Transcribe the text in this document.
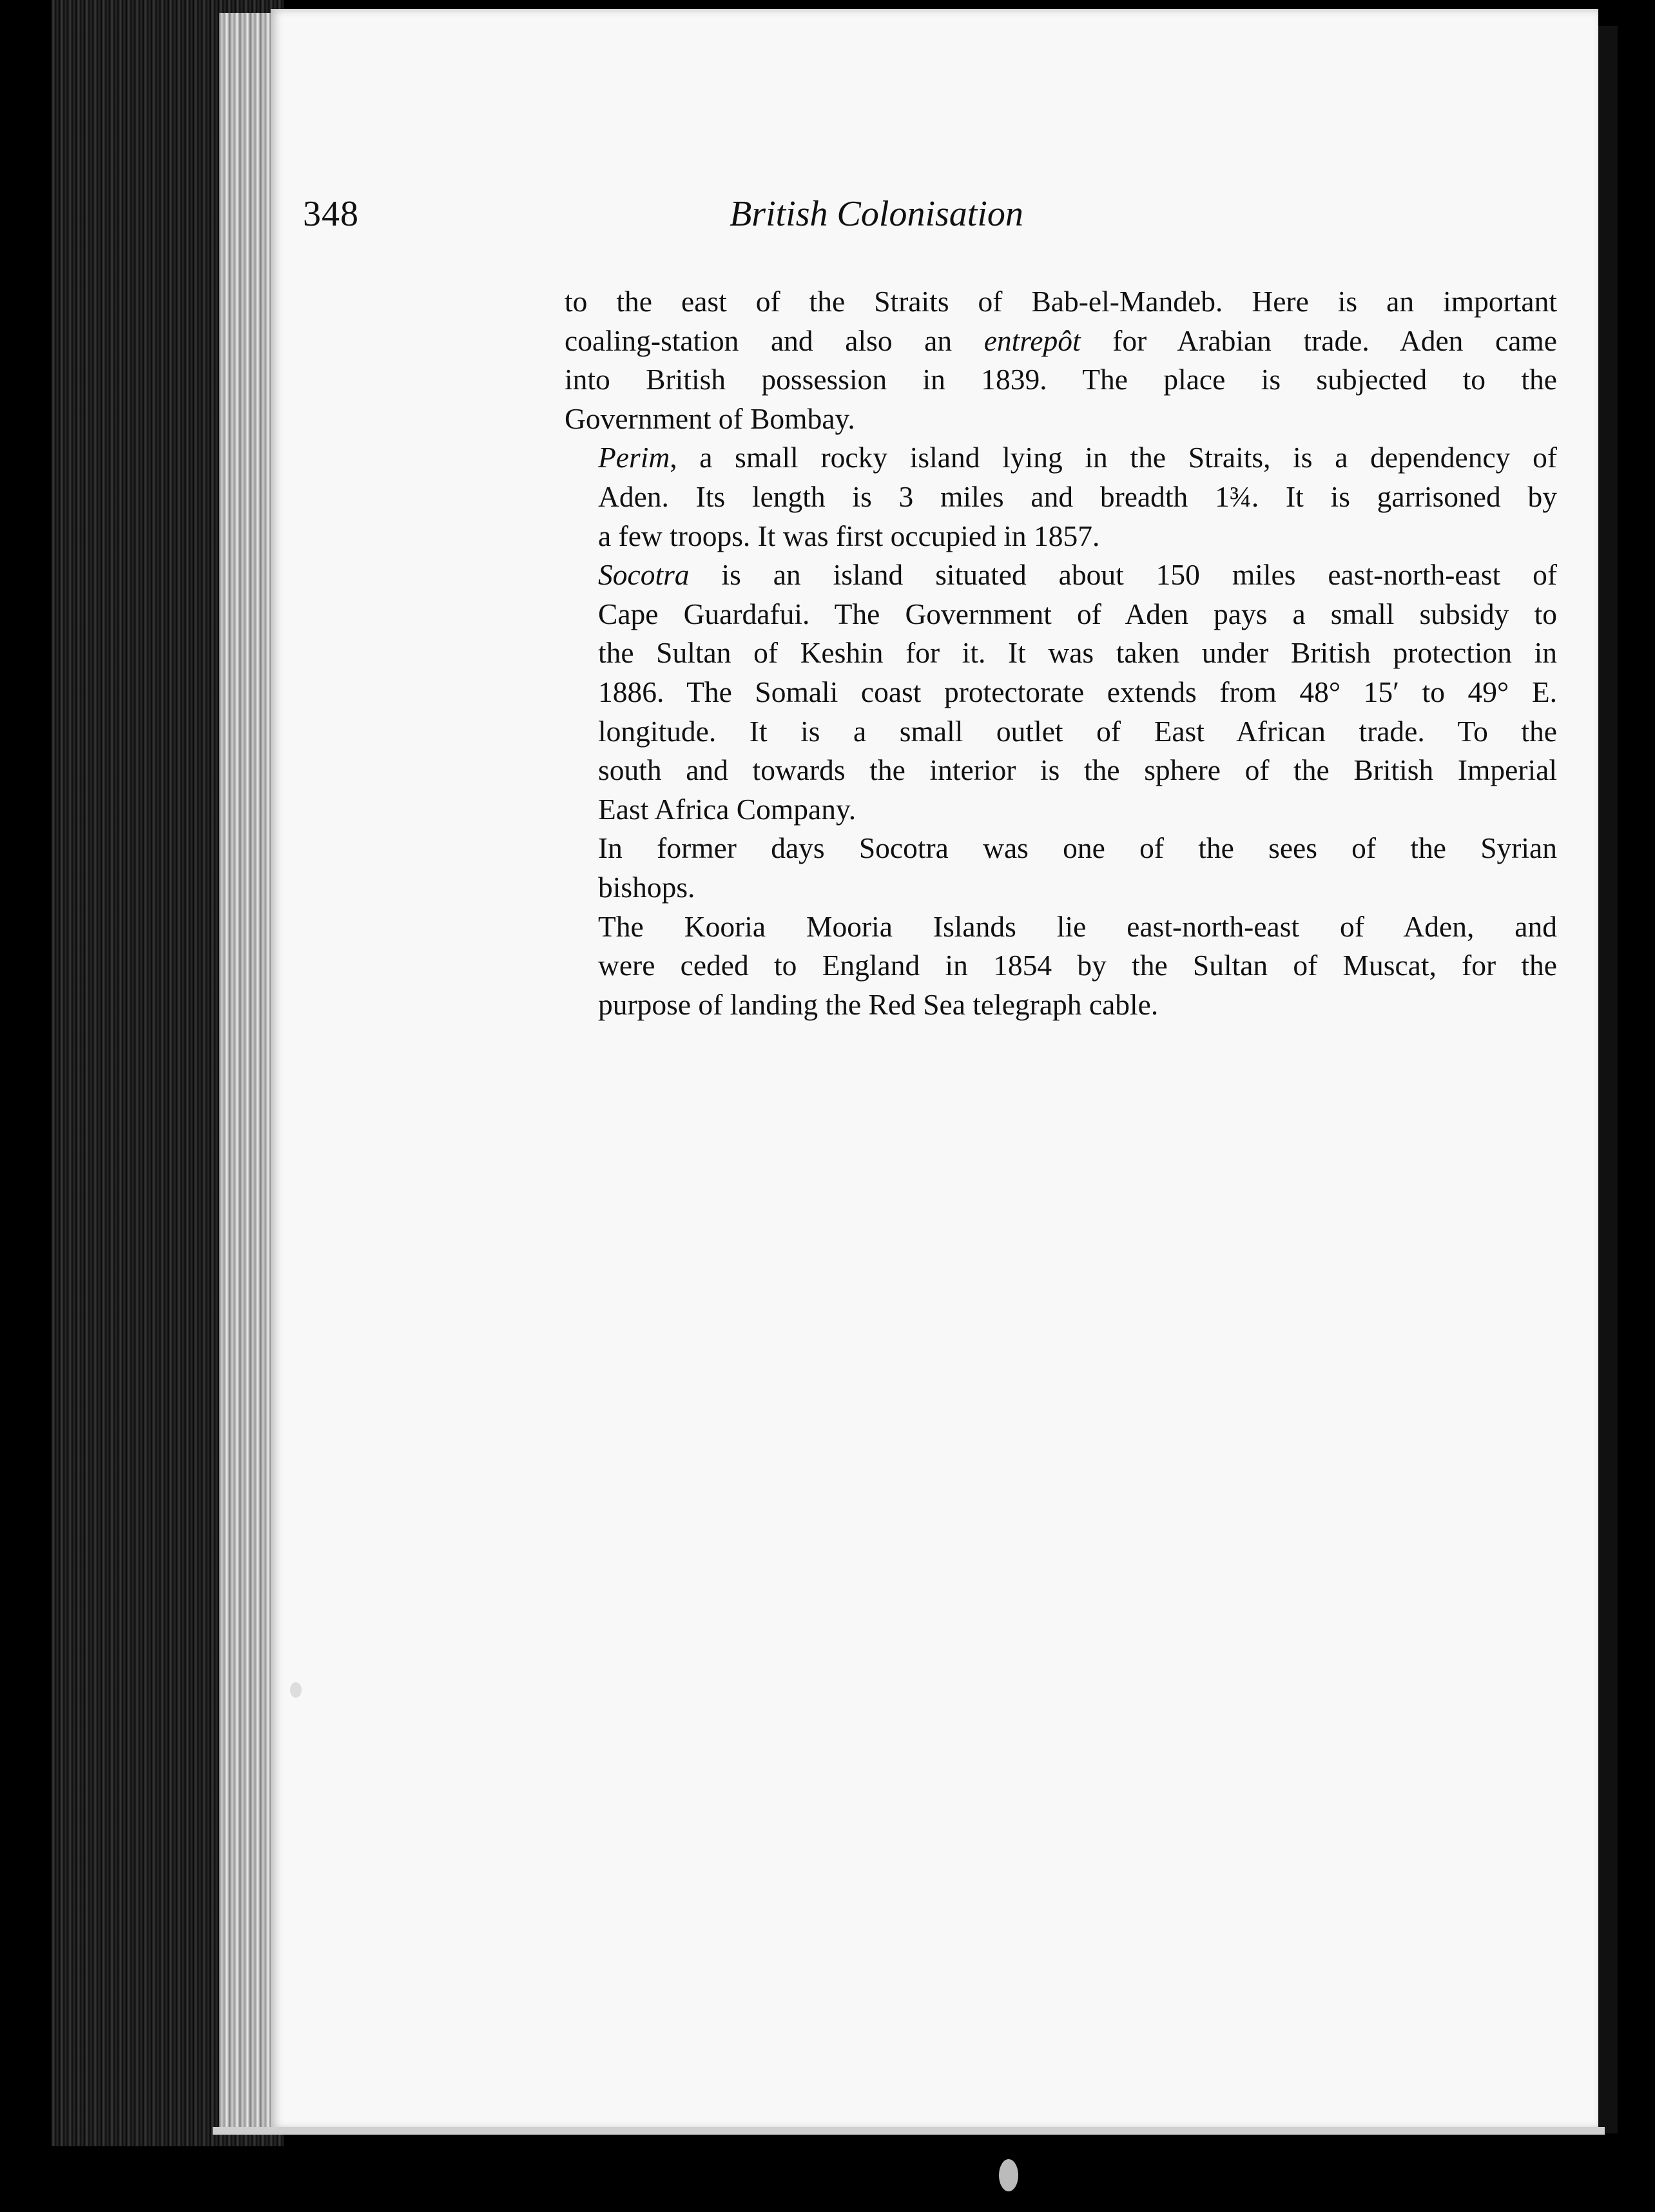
348	British Colonisation
to the east of the Straits of Bab-el-Mandeb. Here is an important
coaling-station and also an entrepôt for Arabian trade. Aden came
into British possession in 1839. The place is subjected to the
Government of Bombay.
Perim, a small rocky island lying in the Straits, is a dependency of
Aden. Its length is 3 miles and breadth 1¾. It is garrisoned by
a few troops. It was first occupied in 1857.
Socotra is an island situated about 150 miles east-north-east of
Cape Guardafui. The Government of Aden pays a small subsidy to
the Sultan of Keshin for it. It was taken under British protection in
1886. The Somali coast protectorate extends from 48° 15′ to 49° E.
longitude. It is a small outlet of East African trade. To the
south and towards the interior is the sphere of the British Imperial
East Africa Company.
In former days Socotra was one of the sees of the Syrian
bishops.
The Kooria Mooria Islands lie east-north-east of Aden, and
were ceded to England in 1854 by the Sultan of Muscat, for the
purpose of landing the Red Sea telegraph cable.
